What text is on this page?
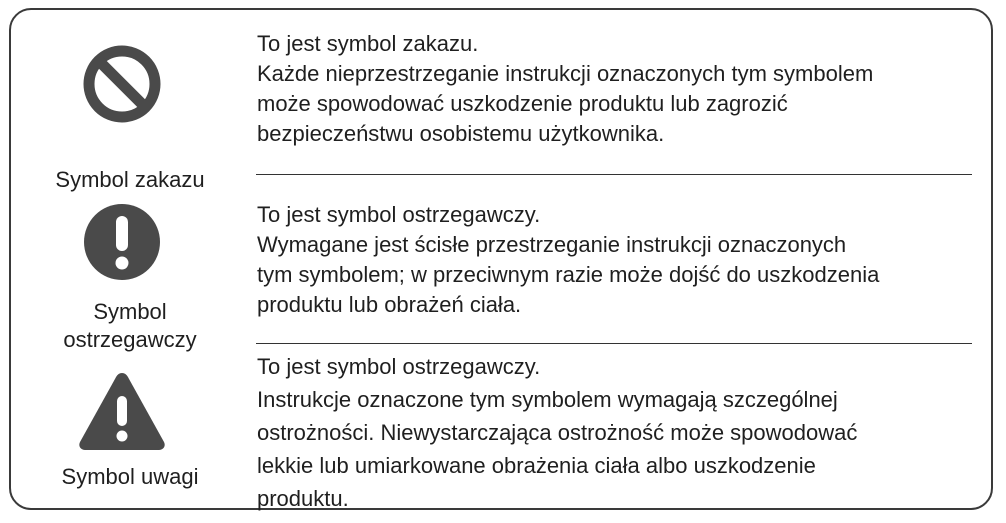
Symbol zakazu
To jest symbol zakazu.
Każde nieprzestrzeganie instrukcji oznaczonych tym symbolem
może spowodować uszkodzenie produktu lub zagrozić
bezpieczeństwu osobistemu użytkownika.
Symbol
ostrzegawczy
To jest symbol ostrzegawczy.
Wymagane jest ścisłe przestrzeganie instrukcji oznaczonych
tym symbolem; w przeciwnym razie może dojść do uszkodzenia
produktu lub obrażeń ciała.
Symbol uwagi
To jest symbol ostrzegawczy.
Instrukcje oznaczone tym symbolem wymagają szczególnej
ostrożności. Niewystarczająca ostrożność może spowodować
lekkie lub umiarkowane obrażenia ciała albo uszkodzenie
produktu.
